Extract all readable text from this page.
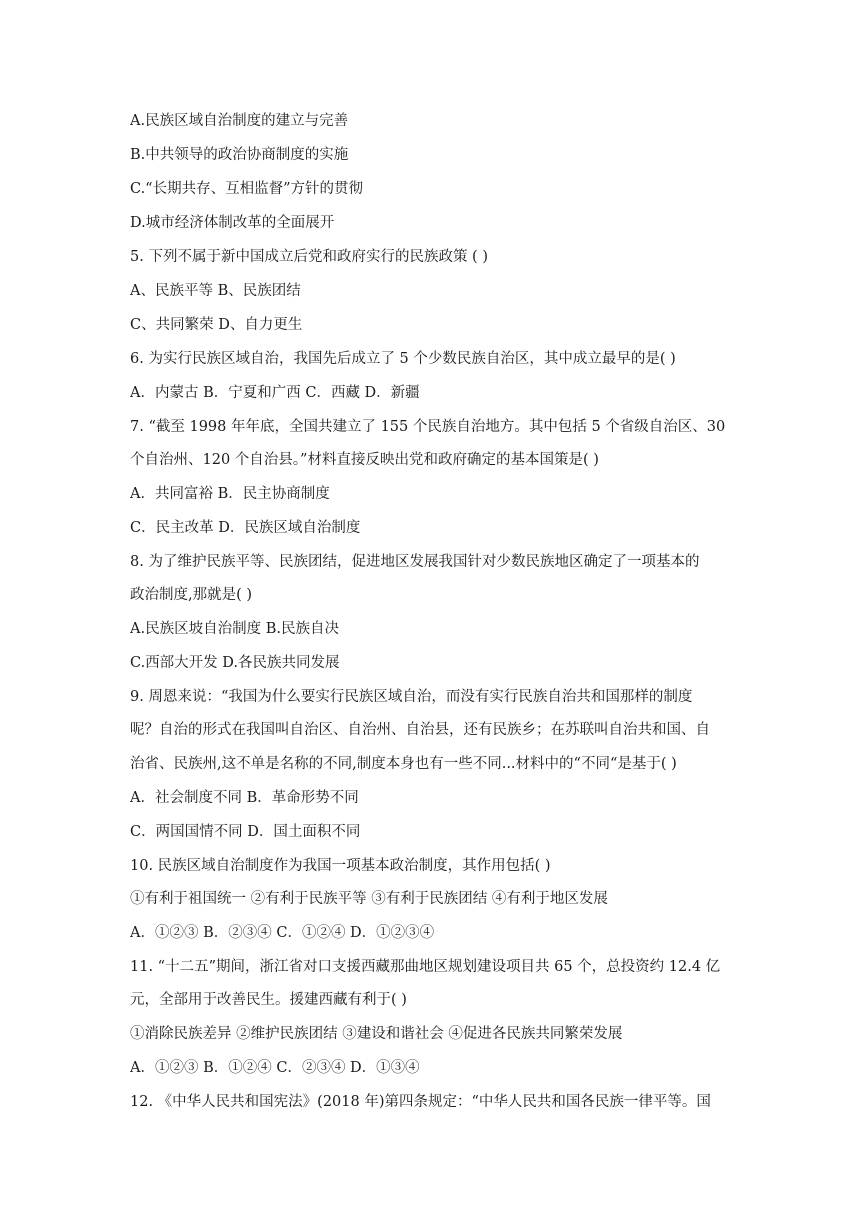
A.民族区域自治制度的建立与完善
B.中共领导的政治协商制度的实施
C.“长期共存、互相监督”方针的贯彻
D.城市经济体制改革的全面展开
5. 下列不属于新中国成立后党和政府实行的民族政策 ( )
A、民族平等 B、民族团结
C、共同繁荣 D、自力更生
6. 为实行民族区域自治，我国先后成立了 5 个少数民族自治区，其中成立最早的是( )
A．内蒙古 B．宁夏和广西 C．西藏 D．新疆
7. “截至 1998 年年底，全国共建立了 155 个民族自治地方。其中包括 5 个省级自治区、30
个自治州、120 个自治县。”材料直接反映出党和政府确定的基本国策是( )
A．共同富裕 B．民主协商制度
C．民主改革 D．民族区域自治制度
8. 为了维护民族平等、民族团结，促进地区发展我国针对少数民族地区确定了一项基本的
政治制度,那就是( )
A.民族区坡自治制度 B.民族自决
C.西部大开发 D.各民族共同发展
9. 周恩来说：“我国为什么要实行民族区域自治，而没有实行民族自治共和国那样的制度
呢？自治的形式在我国叫自治区、自治州、自治县，还有民族乡；在苏联叫自治共和国、自
治省、民族州,这不单是名称的不同,制度本身也有一些不同...材料中的“不同“是基于( )
A．社会制度不同 B．革命形势不同
C．两国国情不同 D．国土面积不同
10. 民族区域自治制度作为我国一项基本政治制度，其作用包括( )
①有利于祖国统一 ②有利于民族平等 ③有利于民族团结 ④有利于地区发展
A．①②③ B．②③④ C．①②④ D．①②③④
11. “十二五”期间，浙江省对口支援西藏那曲地区规划建设项目共 65 个，总投资约 12.4 亿
元，全部用于改善民生。援建西藏有利于( )
①消除民族差异 ②维护民族团结 ③建设和谐社会 ④促进各民族共同繁荣发展
A．①②③ B．①②④ C．②③④ D．①③④
12. 《中华人民共和国宪法》(2018 年)第四条规定：“中华人民共和国各民族一律平等。国
